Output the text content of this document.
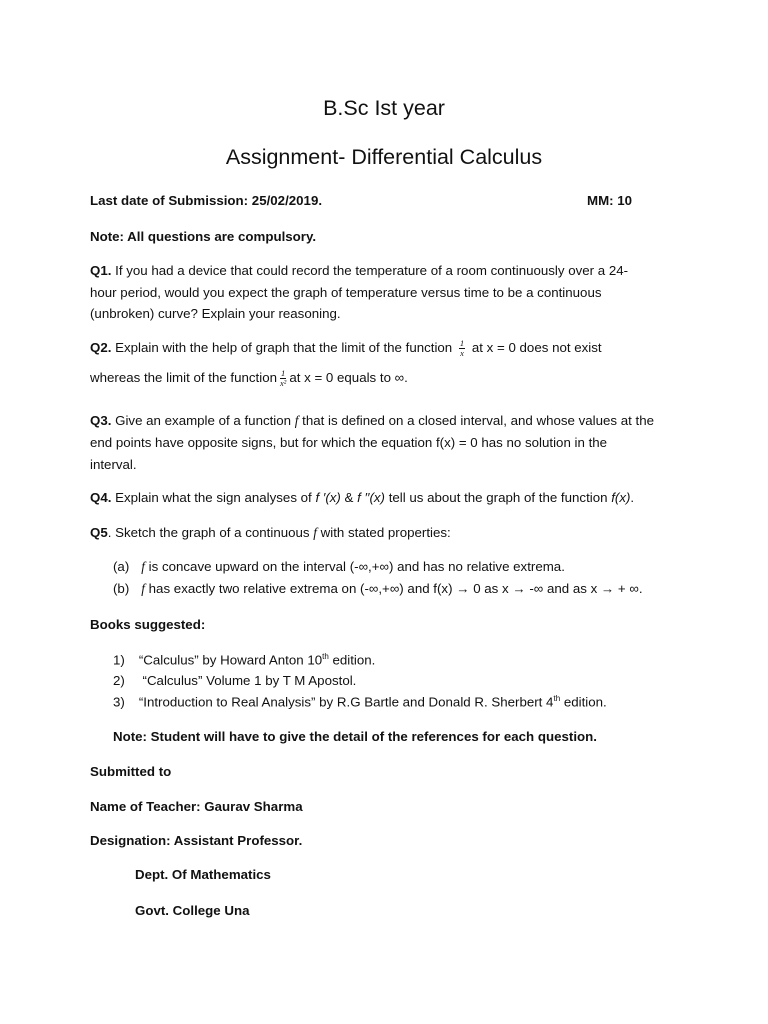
B.Sc Ist year
Assignment- Differential Calculus
Last date of Submission: 25/02/2019.	MM: 10
Note: All questions are compulsory.
Q1. If you had a device that could record the temperature of a room continuously over a 24-
hour period, would you expect the graph of temperature versus time to be a continuous
(unbroken) curve? Explain your reasoning.
Q2. Explain with the help of graph that the limit of the function $\frac{1}{x}$ at x = 0 does not exist
whereas the limit of the function $\frac{1}{\text{x²}}$ at x = 0 equals to ∞.
Q3. Give an example of a function f that is defined on a closed interval, and whose values at the
end points have opposite signs, but for which the equation f(x) = 0 has no solution in the
interval.
Q4. Explain what the sign analyses of f ′(x) & f ′′(x) tell us about the graph of the function f(x).
Q5. Sketch the graph of a continuous f with stated properties:
(a) f is concave upward on the interval (-∞,+∞) and has no relative extrema.
(b) f has exactly two relative extrema on (-∞,+∞) and f(x) → 0 as x → -∞ and as x → + ∞.
Books suggested:
1) “Calculus” by Howard Anton 10th edition.
2) “Calculus” Volume 1 by T M Apostol.
3) “Introduction to Real Analysis” by R.G Bartle and Donald R. Sherbert 4th edition.
Note: Student will have to give the detail of the references for each question.
Submitted to
Name of Teacher: Gaurav Sharma
Designation: Assistant Professor.
Dept. Of Mathematics
Govt. College Una
